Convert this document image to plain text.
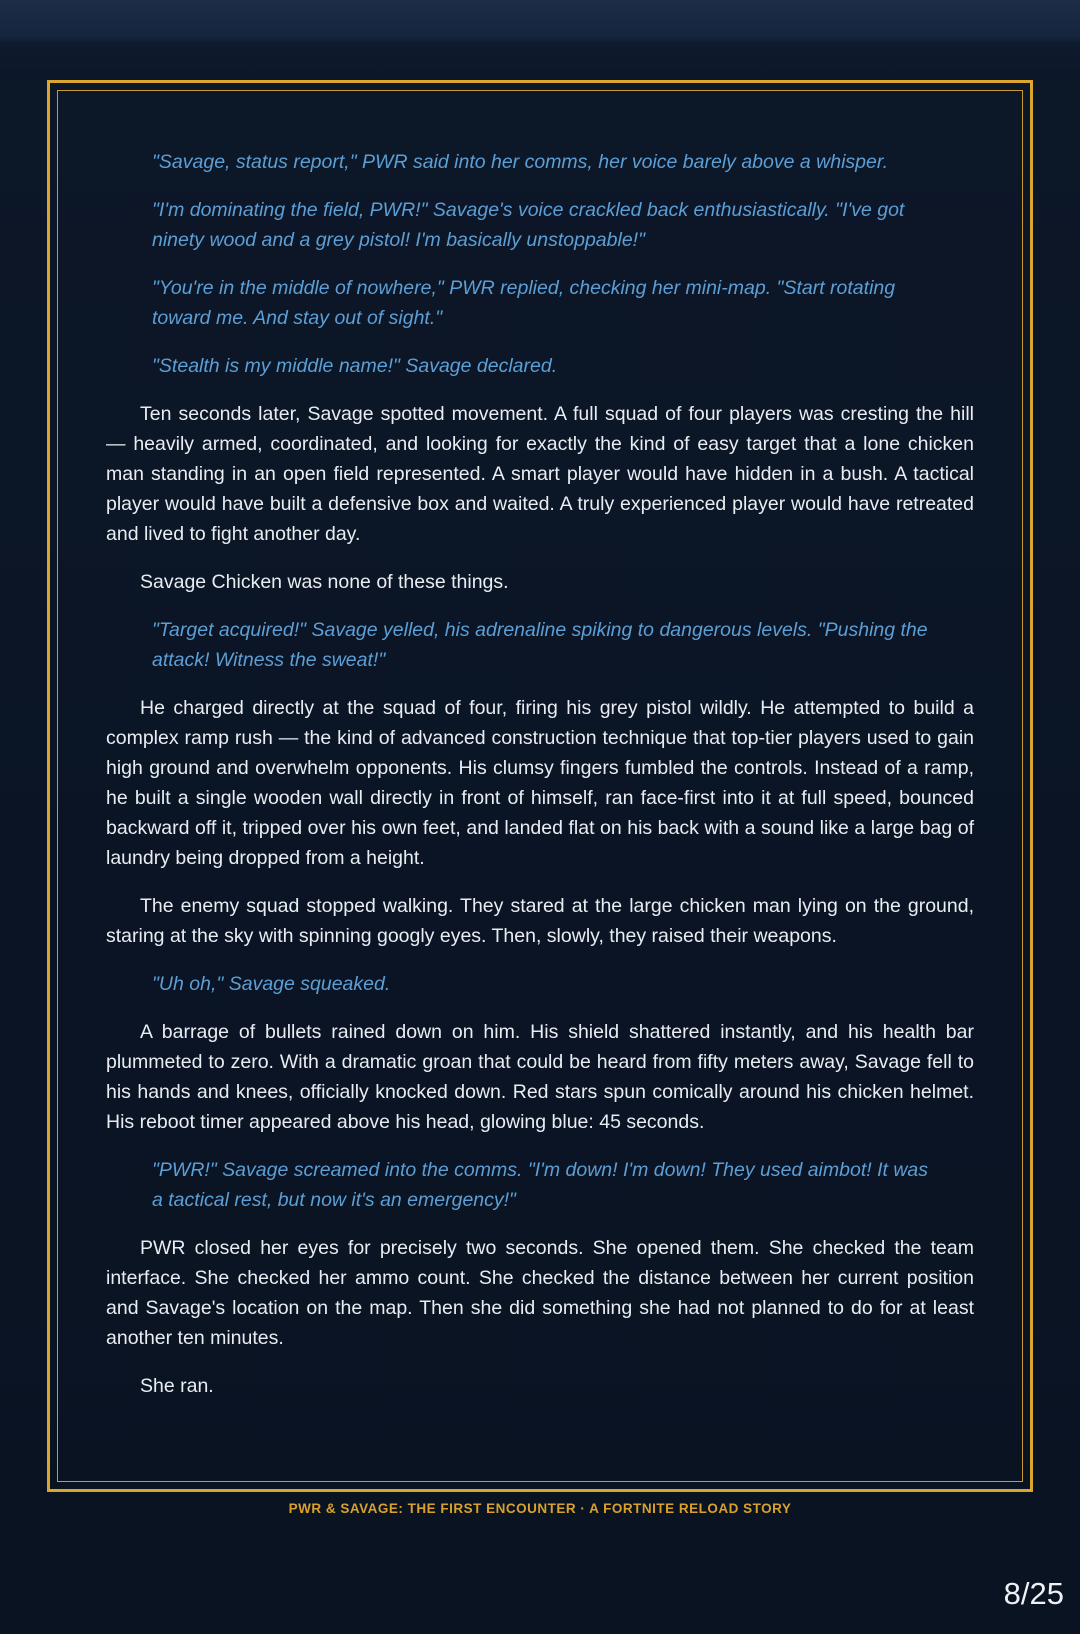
"Savage, status report," PWR said into her comms, her voice barely above a whisper.

"I'm dominating the field, PWR!" Savage's voice crackled back enthusiastically. "I've got ninety wood and a grey pistol! I'm basically unstoppable!"

"You're in the middle of nowhere," PWR replied, checking her mini-map. "Start rotating toward me. And stay out of sight."

"Stealth is my middle name!" Savage declared.

Ten seconds later, Savage spotted movement. A full squad of four players was cresting the hill — heavily armed, coordinated, and looking for exactly the kind of easy target that a lone chicken man standing in an open field represented. A smart player would have hidden in a bush. A tactical player would have built a defensive box and waited. A truly experienced player would have retreated and lived to fight another day.

Savage Chicken was none of these things.

"Target acquired!" Savage yelled, his adrenaline spiking to dangerous levels. "Pushing the attack! Witness the sweat!"

He charged directly at the squad of four, firing his grey pistol wildly. He attempted to build a complex ramp rush — the kind of advanced construction technique that top-tier players used to gain high ground and overwhelm opponents. His clumsy fingers fumbled the controls. Instead of a ramp, he built a single wooden wall directly in front of himself, ran face-first into it at full speed, bounced backward off it, tripped over his own feet, and landed flat on his back with a sound like a large bag of laundry being dropped from a height.

The enemy squad stopped walking. They stared at the large chicken man lying on the ground, staring at the sky with spinning googly eyes. Then, slowly, they raised their weapons.

"Uh oh," Savage squeaked.

A barrage of bullets rained down on him. His shield shattered instantly, and his health bar plummeted to zero. With a dramatic groan that could be heard from fifty meters away, Savage fell to his hands and knees, officially knocked down. Red stars spun comically around his chicken helmet. His reboot timer appeared above his head, glowing blue: 45 seconds.

"PWR!" Savage screamed into the comms. "I'm down! I'm down! They used aimbot! It was a tactical rest, but now it's an emergency!"

PWR closed her eyes for precisely two seconds. She opened them. She checked the team interface. She checked her ammo count. She checked the distance between her current position and Savage's location on the map. Then she did something she had not planned to do for at least another ten minutes.

She ran.

PWR & SAVAGE: THE FIRST ENCOUNTER · A FORTNITE RELOAD STORY
8/25
